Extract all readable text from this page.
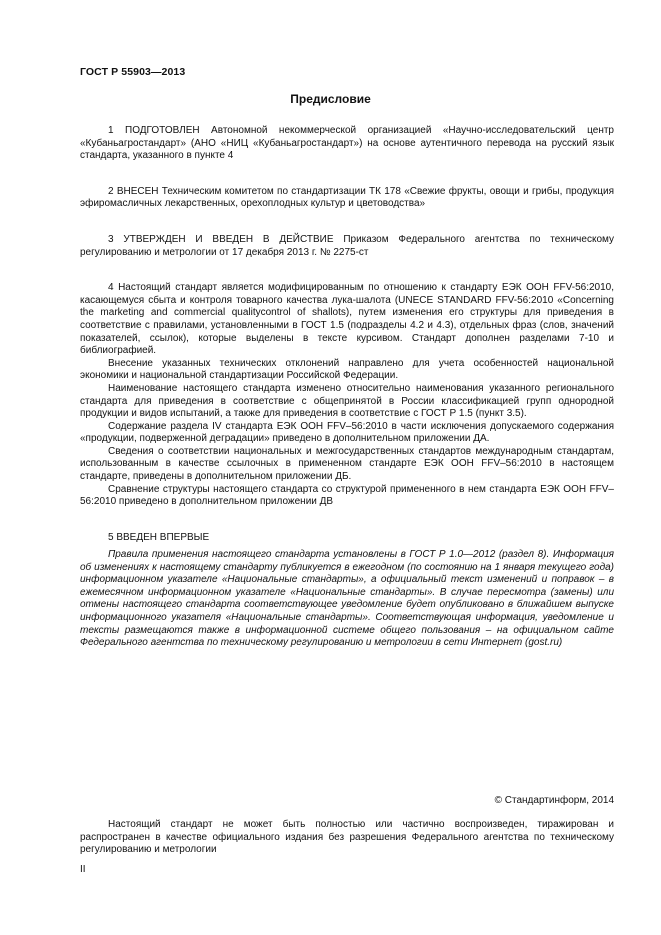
ГОСТ Р 55903—2013
Предисловие

1 ПОДГОТОВЛЕН Автономной некоммерческой организацией «Научно-исследовательский центр «Кубаньагростандарт» (АНО «НИЦ «Кубаньагростандарт») на основе аутентичного перевода на русский язык стандарта, указанного в пункте 4

2 ВНЕСЕН Техническим комитетом по стандартизации ТК 178 «Свежие фрукты, овощи и грибы, продукция эфиромасличных лекарственных, орехоплодных культур и цветоводства»

3 УТВЕРЖДЕН И ВВЕДЕН В ДЕЙСТВИЕ Приказом Федерального агентства по техническому регулированию и метрологии от 17 декабря 2013 г. № 2275-ст

4 Настоящий стандарт является модифицированным по отношению к стандарту ЕЭК ООН FFV-56:2010, касающемуся сбыта и контроля товарного качества лука-шалота (UNECE STANDARD FFV-56:2010 «Concerning the marketing and commercial qualitycontrol of shallots), путем изменения его структуры для приведения в соответствие с правилами, установленными в ГОСТ 1.5 (подразделы 4.2 и 4.3), отдельных фраз (слов, значений показателей, ссылок), которые выделены в тексте курсивом. Стандарт дополнен разделами 7-10 и библиографией.

Внесение указанных технических отклонений направлено для учета особенностей национальной экономики и национальной стандартизации Российской Федерации.

Наименование настоящего стандарта изменено относительно наименования указанного регионального стандарта для приведения в соответствие с общепринятой в России классификацией групп однородной продукции и видов испытаний, а также для приведения в соответствие с ГОСТ Р 1.5 (пункт 3.5).

Содержание раздела IV стандарта ЕЭК ООН FFV–56:2010 в части исключения допускаемого содержания «продукции, подверженной деградации» приведено в дополнительном приложении ДА.

Сведения о соответствии национальных и межгосударственных стандартов международным стандартам, использованным в качестве ссылочных в примененном стандарте ЕЭК ООН FFV–56:2010 в настоящем стандарте, приведены в дополнительном приложении ДБ.

Сравнение структуры настоящего стандарта со структурой примененного в нем стандарта ЕЭК ООН FFV–56:2010 приведено в дополнительном приложении ДВ

5 ВВЕДЕН ВПЕРВЫЕ

Правила применения настоящего стандарта установлены в ГОСТ Р 1.0—2012 (раздел 8). Информация об изменениях к настоящему стандарту публикуется в ежегодном (по состоянию на 1 января текущего года) информационном указателе «Национальные стандарты», а официальный текст изменений и поправок – в ежемесячном информационном указателе «Национальные стандарты». В случае пересмотра (замены) или отмены настоящего стандарта соответствующее уведомление будет опубликовано в ближайшем выпуске информационного указателя «Национальные стандарты». Соответствующая информация, уведомление и тексты размещаются также в информационной системе общего пользования – на официальном сайте Федерального агентства по техническому регулированию и метрологии в сети Интернет (gost.ru)

© Стандартинформ, 2014

Настоящий стандарт не может быть полностью или частично воспроизведен, тиражирован и распространен в качестве официального издания без разрешения Федерального агентства по техническому регулированию и метрологии

II
